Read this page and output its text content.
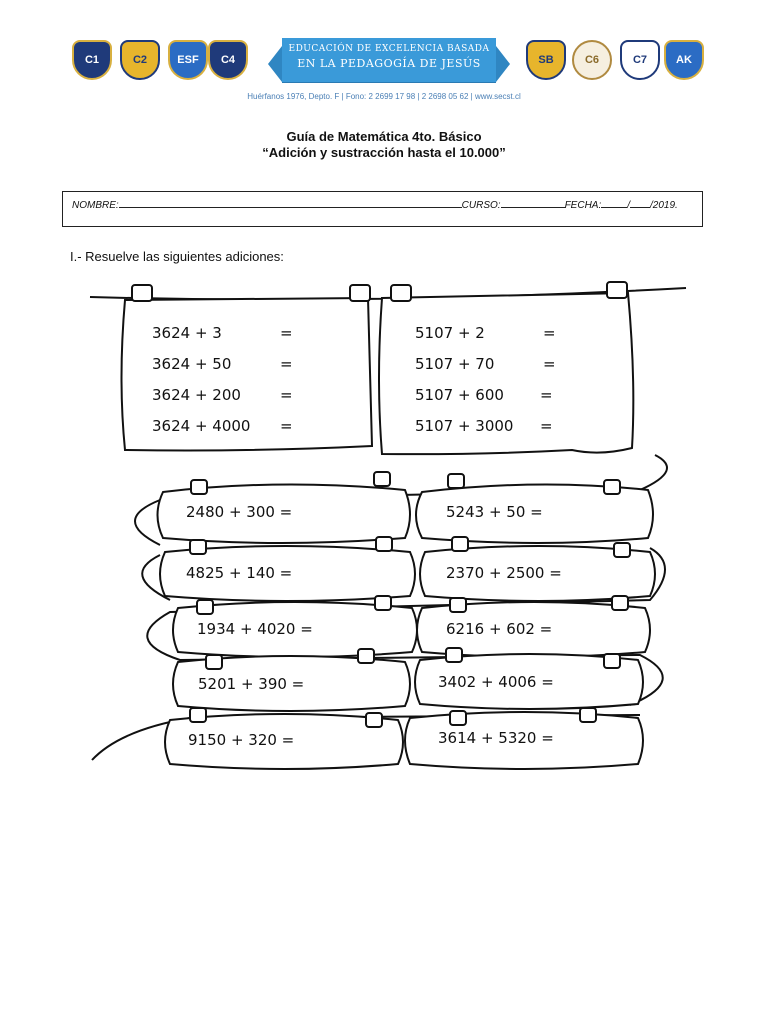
C1	C2	ESF C4
EDUCACIÓN DE EXCELENCIA BASADA
EN LA PEDAGOGÍA DE JESÚS	SB	C6	C7	AK
Huérfanos 1976, Depto. F | Fono: 2 2699 17 98 | 2 2698 05 62 | www.secst.cl
Guía de Matemática 4to. Básico
“Adición y sustracción hasta el 10.000”
NOMBRE:	CURSO:	FECHA:	/ /2019.
I.- Resuelve las siguientes adiciones:
3624 + 3	=
3624 + 50	=
3624 + 200	=
3624 + 4000 =
5107 + 2	=
5107 + 70	=
5107 + 600 =
5107 + 3000 =
2480 + 300 =	5243 + 50 =
4825 + 140 =	2370 + 2500 =
1934 + 4020 =	6216 + 602 =
5201 + 390 =	3402 + 4006 =
9150 + 320 =	3614 + 5320 =
